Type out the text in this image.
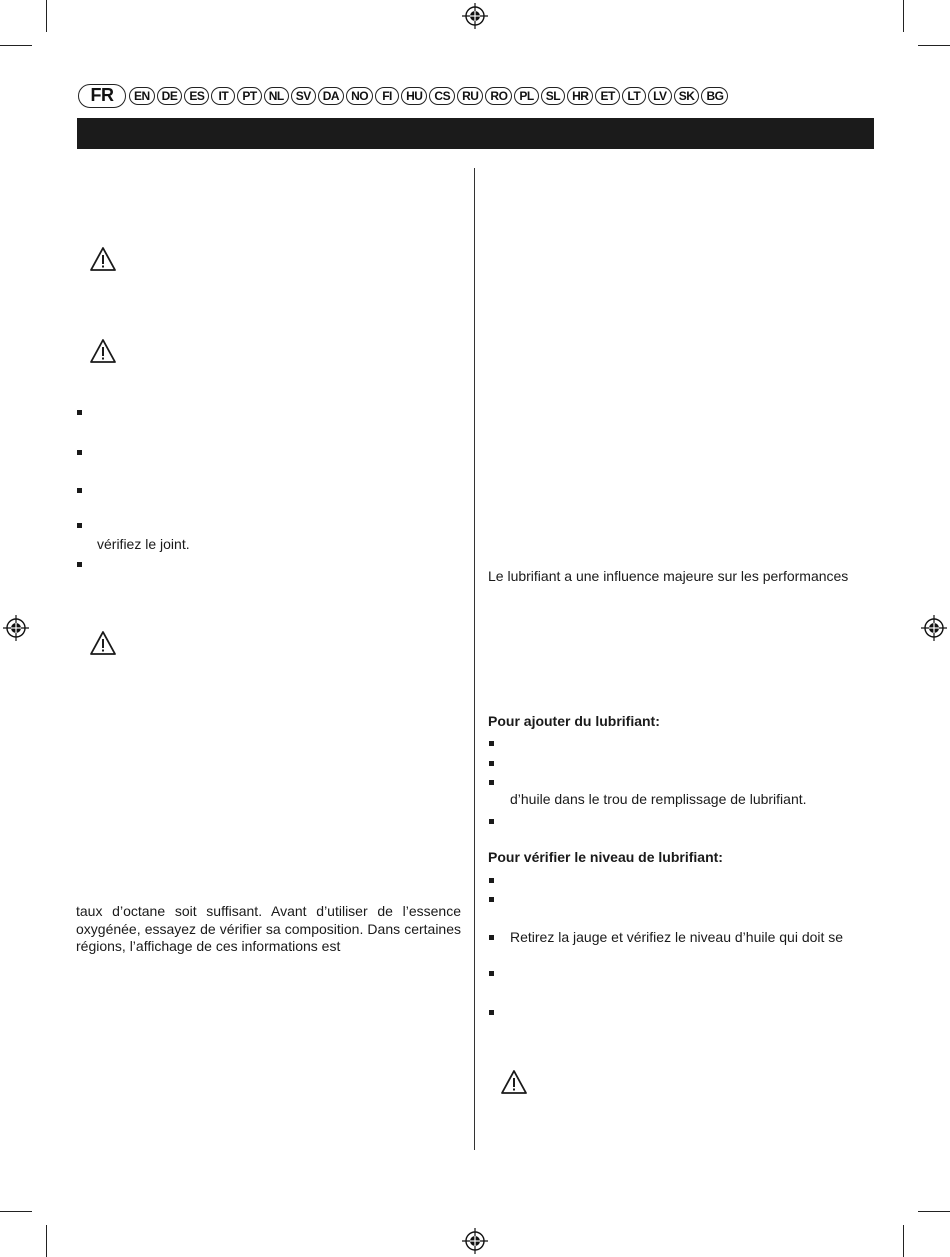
FR	EN	DE	ES	IT	PT	NL	SV	DA	NO	FI	HU	CS	RU	RO	PL	SL	HR	ET	LT	LV	SK	BG
vérifiez le joint.
taux d’octane soit suffisant. Avant d’utiliser de l’essence oxygénée, essayez de vérifier sa composition. Dans certaines régions, l’affichage de ces informations est
Le lubrifiant a une influence majeure sur les performances
Pour ajouter du lubrifiant:
d’huile dans le trou de remplissage de lubrifiant.
Pour vérifier le niveau de lubrifiant:
Retirez la jauge et vérifiez le niveau d’huile qui doit se
